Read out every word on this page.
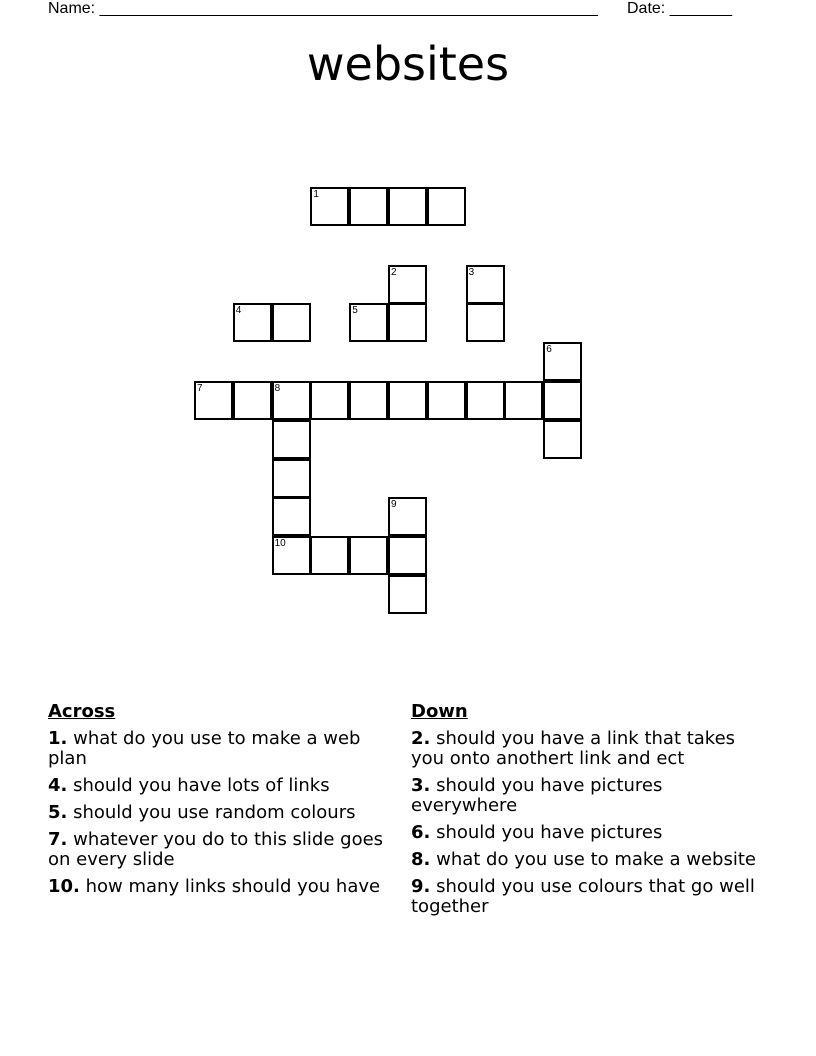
Name: ________________________________________________________ Date: _______
websites
1
2	3
4	5
6
7	8
9
10
Across
1. what do you use to make a web plan
4. should you have lots of links
5. should you use random colours
7. whatever you do to this slide goes on every slide
10. how many links should you have
Down
2. should you have a link that takes you onto anothert link and ect
3. should you have pictures everywhere
6. should you have pictures
8. what do you use to make a website
9. should you use colours that go well together
